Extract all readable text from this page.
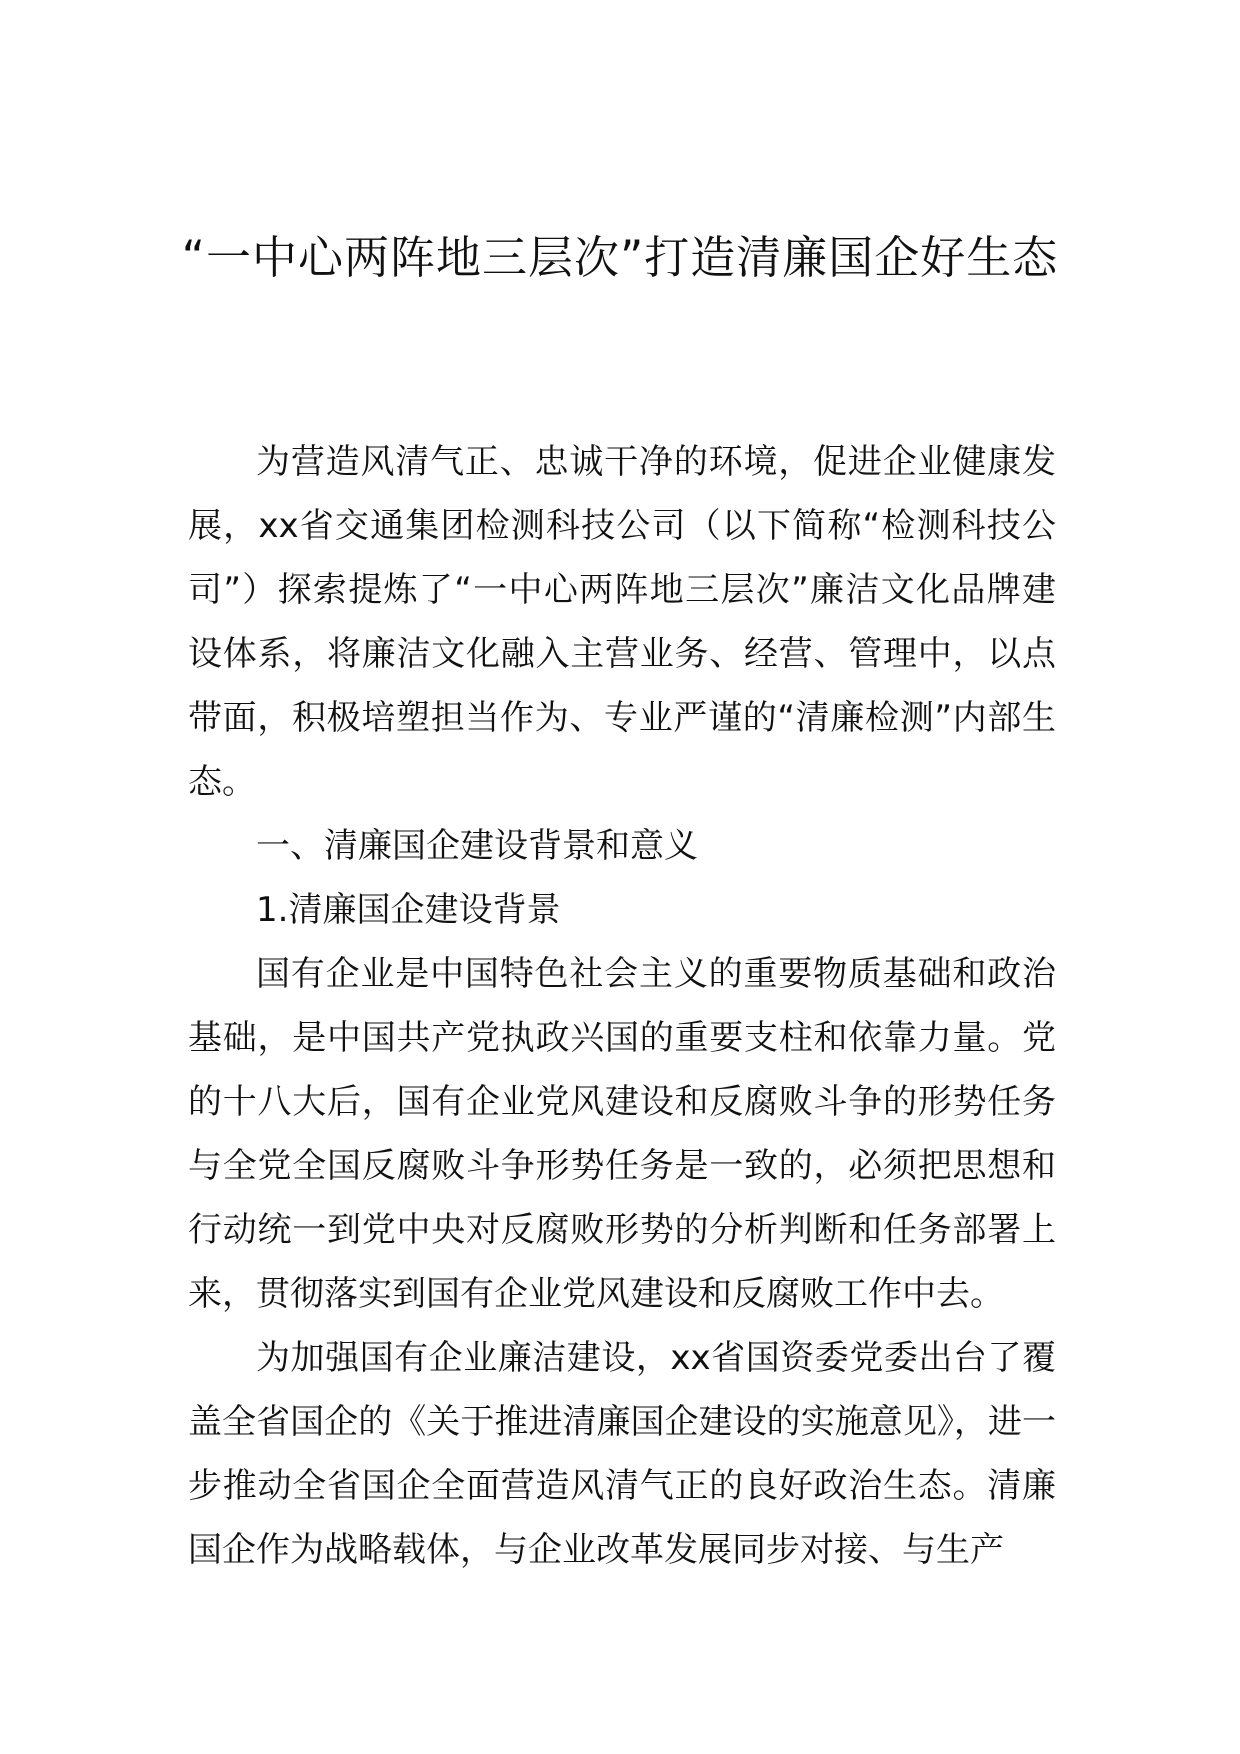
“一中心两阵地三层次”打造清廉国企好生态

为营造风清气正、忠诚干净的环境，促进企业健康发展，xx省交通集团检测科技公司（以下简称“检测科技公司”）探索提炼了“一中心两阵地三层次”廉洁文化品牌建设体系，将廉洁文化融入主营业务、经营、管理中，以点带面，积极培塑担当作为、专业严谨的“清廉检测”内部生态。

一、清廉国企建设背景和意义

1.清廉国企建设背景

国有企业是中国特色社会主义的重要物质基础和政治基础，是中国共产党执政兴国的重要支柱和依靠力量。党的十八大后，国有企业党风建设和反腐败斗争的形势任务与全党全国反腐败斗争形势任务是一致的，必须把思想和行动统一到党中央对反腐败形势的分析判断和任务部署上来，贯彻落实到国有企业党风建设和反腐败工作中去。

为加强国有企业廉洁建设，xx省国资委党委出台了覆盖全省国企的《关于推进清廉国企建设的实施意见》，进一步推动全省国企全面营造风清气正的良好政治生态。清廉国企作为战略载体，与企业改革发展同步对接、与生产
